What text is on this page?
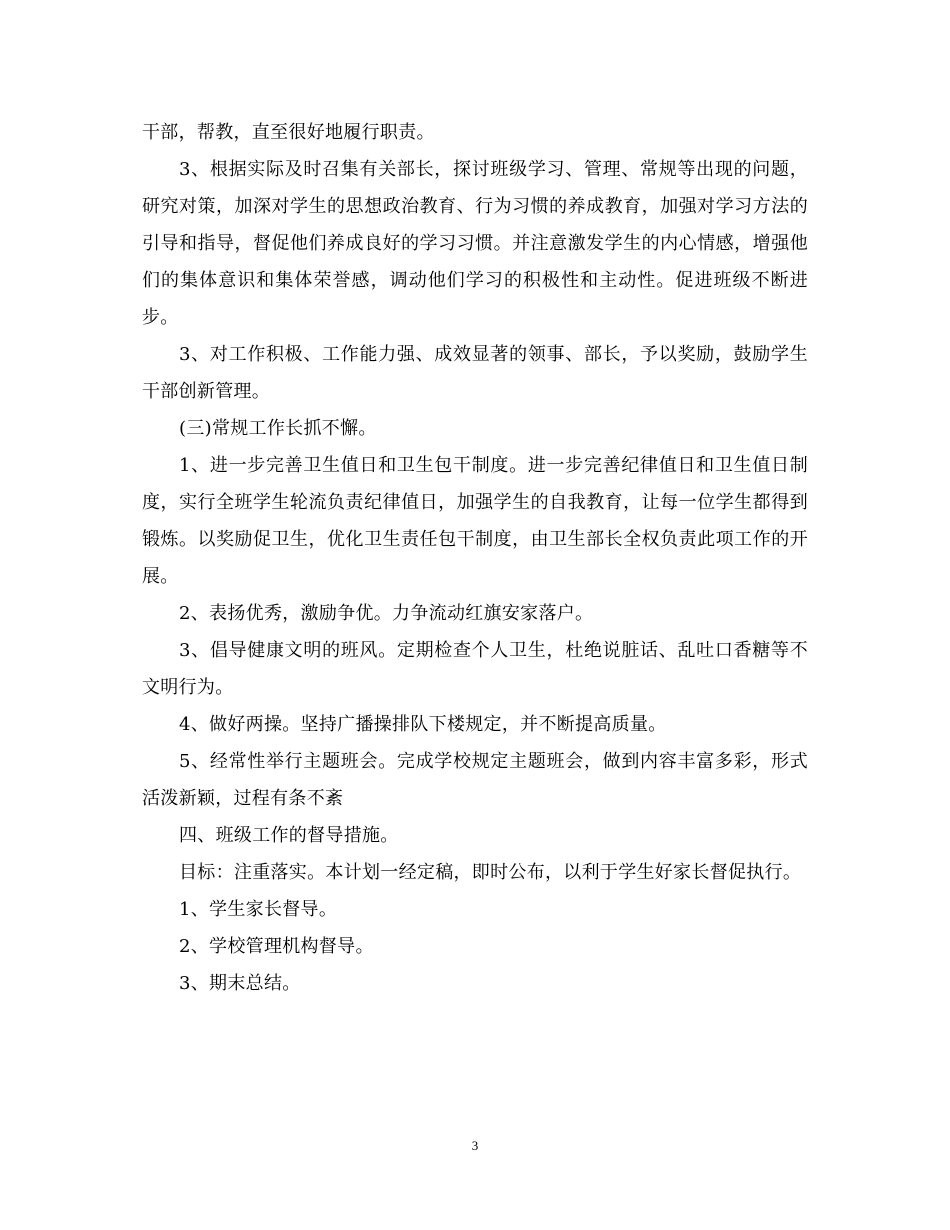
干部，帮教，直至很好地履行职责。

3、根据实际及时召集有关部长，探讨班级学习、管理、常规等出现的问题，研究对策，加深对学生的思想政治教育、行为习惯的养成教育，加强对学习方法的引导和指导，督促他们养成良好的学习习惯。并注意激发学生的内心情感，增强他们的集体意识和集体荣誉感，调动他们学习的积极性和主动性。促进班级不断进步。

3、对工作积极、工作能力强、成效显著的领事、部长，予以奖励，鼓励学生干部创新管理。

(三)常规工作长抓不懈。

1、进一步完善卫生值日和卫生包干制度。进一步完善纪律值日和卫生值日制度，实行全班学生轮流负责纪律值日，加强学生的自我教育，让每一位学生都得到锻炼。以奖励促卫生，优化卫生责任包干制度，由卫生部长全权负责此项工作的开展。

2、表扬优秀，激励争优。力争流动红旗安家落户。

3、倡导健康文明的班风。定期检查个人卫生，杜绝说脏话、乱吐口香糖等不文明行为。

4、做好两操。坚持广播操排队下楼规定，并不断提高质量。

5、经常性举行主题班会。完成学校规定主题班会，做到内容丰富多彩，形式活泼新颖，过程有条不紊

四、班级工作的督导措施。

目标：注重落实。本计划一经定稿，即时公布，以利于学生好家长督促执行。

1、学生家长督导。

2、学校管理机构督导。

3、期末总结。

3
